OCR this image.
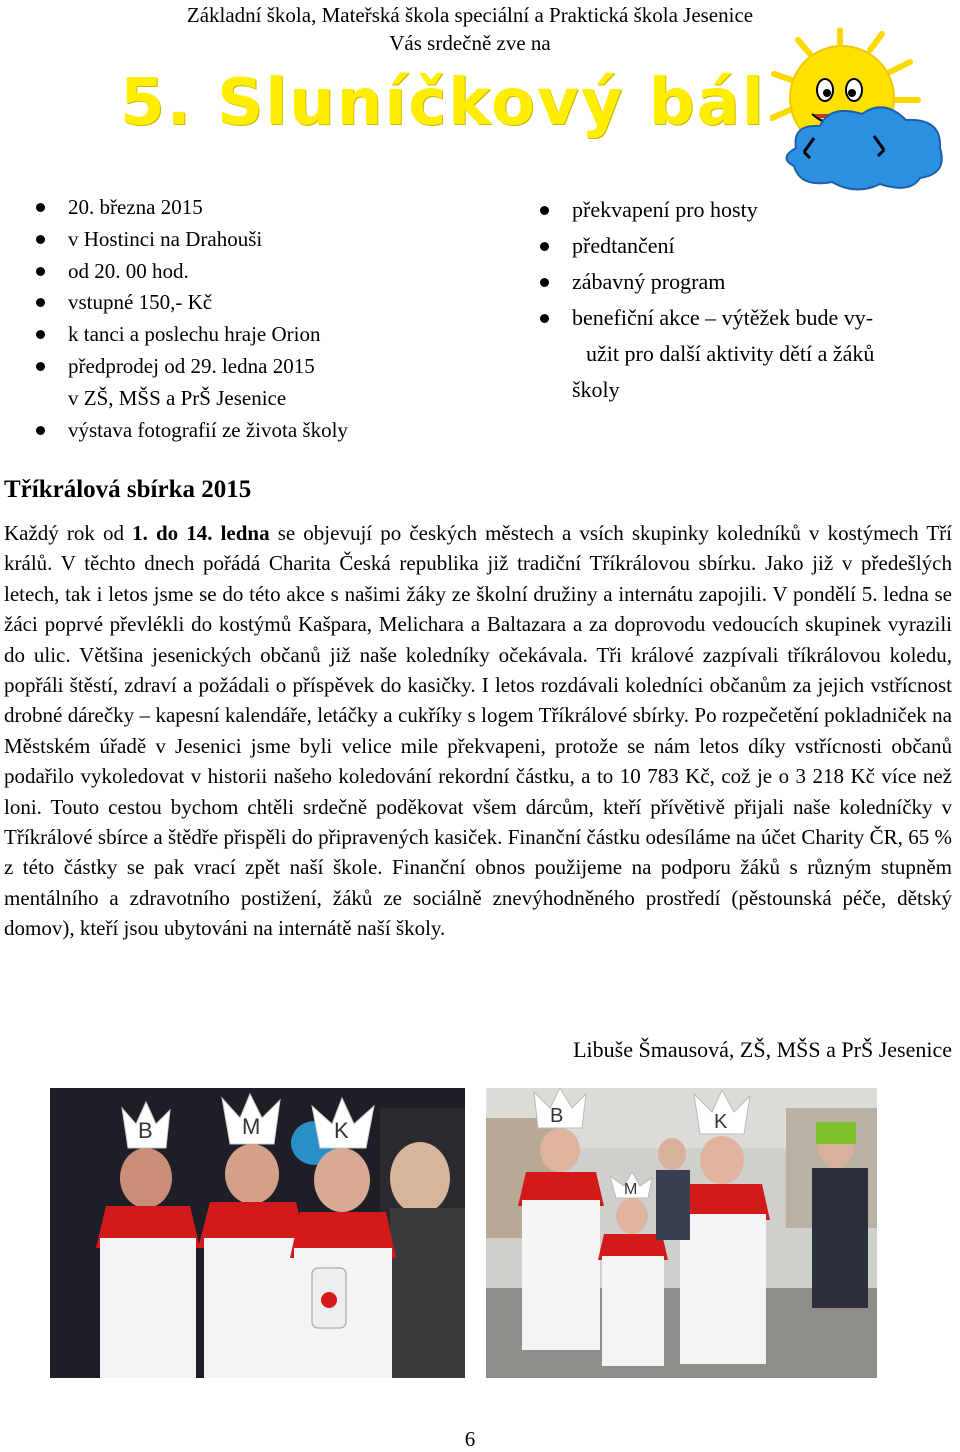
Základní škola, Mateřská škola speciální a Praktická škola Jesenice
Vás srdečně zve na
5. Sluníčkový bál
20. března 2015
v Hostinci na Drahouši
od 20. 00 hod.
vstupné 150,- Kč
k tanci a poslechu hraje Orion
předprodej od 29. ledna 2015
v ZŠ, MŠS a PrŠ Jesenice
výstava fotografií ze života školy
překvapení pro hosty
předtančení
zábavný program
benefiční akce – výtěžek bude vy-
užit pro další aktivity dětí a žáků
školy
Tříkrálová sbírka 2015

Každý rok od 1. do 14. ledna se objevují po českých městech a vsích skupinky koledníků v kostýmech Tří králů. V těchto dnech pořádá Charita Česká republika již tradiční Tříkrálovou sbírku. Jako již v předešlých letech, tak i letos jsme se do této akce s našimi žáky ze školní družiny a internátu zapojili. V pondělí 5. ledna se žáci poprvé převlékli do kostýmů Kašpara, Melichara a Baltazara a za doprovodu vedoucích skupinek vyrazili do ulic. Většina jesenických občanů již naše koledníky očekávala. Tři králové zazpívali tříkrálovou koledu, popřáli štěstí, zdraví a požádali o příspěvek do kasičky. I letos rozdávali koledníci občanům za jejich vstřícnost drobné dárečky – kapesní kalendáře, letáčky a cukříky s logem Tříkrálové sbírky. Po rozpečetění pokladniček na Městském úřadě v Jesenici jsme byli velice mile překvapeni, protože se nám letos díky vstřícnosti občanů podařilo vykoledovat v historii našeho koledování rekordní částku, a to 10 783 Kč, což je o 3 218 Kč více než loni. Touto cestou bychom chtěli srdečně poděkovat všem dárcům, kteří přívětivě přijali naše koledníčky v Tříkrálové sbírce a štědře přispěli do připravených kasiček. Finanční částku odesíláme na účet Charity ČR, 65 % z této částky se pak vrací zpět naší škole. Finanční obnos použijeme na podporu žáků s různým stupněm mentálního a zdravotního postižení, žáků ze sociálně znevýhodněného prostředí (pěstounská péče, dětský domov), kteří jsou ubytováni na internátě naší školy.

Libuše Šmausová, ZŠ, MŠS a PrŠ Jesenice
B	M	K
B
M
K
6
